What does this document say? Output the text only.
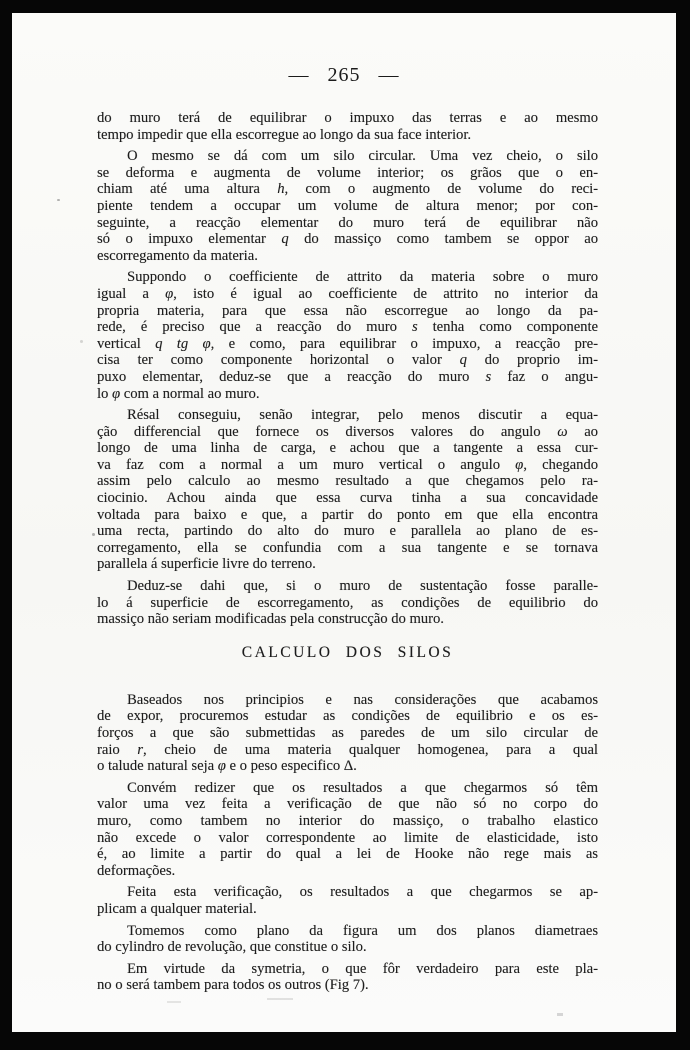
— 265 —
do muro terá de equilibrar o impuxo das terras e ao mesmo
tempo impedir que ella escorregue ao longo da sua face interior.
O mesmo se dá com um silo circular. Uma vez cheio, o silo
se deforma e augmenta de volume interior; os grãos que o en-
chiam até uma altura h, com o augmento de volume do reci-
piente tendem a occupar um volume de altura menor; por con-
seguinte, a reacção elementar do muro terá de equilibrar não
só o impuxo elementar q do massiço como tambem se oppor ao
escorregamento da materia.
Suppondo o coefficiente de attrito da materia sobre o muro
igual a φ, isto é igual ao coefficiente de attrito no interior da
propria materia, para que essa não escorregue ao longo da pa-
rede, é preciso que a reacção do muro s tenha como componente
vertical q tg φ, e como, para equilibrar o impuxo, a reacção pre-
cisa ter como componente horizontal o valor q do proprio im-
puxo elementar, deduz-se que a reacção do muro s faz o angu-
lo φ com a normal ao muro.
Résal conseguiu, senão integrar, pelo menos discutir a equa-
ção differencial que fornece os diversos valores do angulo ω ao
longo de uma linha de carga, e achou que a tangente a essa cur-
va faz com a normal a um muro vertical o angulo φ, chegando
assim pelo calculo ao mesmo resultado a que chegamos pelo ra-
ciocinio. Achou ainda que essa curva tinha a sua concavidade
voltada para baixo e que, a partir do ponto em que ella encontra
uma recta, partindo do alto do muro e parallela ao plano de es-
corregamento, ella se confundia com a sua tangente e se tornava
parallela á superficie livre do terreno.
Deduz-se dahi que, si o muro de sustentação fosse paralle-
lo á superficie de escorregamento, as condições de equilibrio do
massiço não seriam modificadas pela construcção do muro.
CALCULO DOS SILOS
Baseados nos principios e nas considerações que acabamos
de expor, procuremos estudar as condições de equilibrio e os es-
forços a que são submettidas as paredes de um silo circular de
raio r, cheio de uma materia qualquer homogenea, para a qual
o talude natural seja φ e o peso especifico Δ.
Convém redizer que os resultados a que chegarmos só têm
valor uma vez feita a verificação de que não só no corpo do
muro, como tambem no interior do massiço, o trabalho elastico
não excede o valor correspondente ao limite de elasticidade, isto
é, ao limite a partir do qual a lei de Hooke não rege mais as
deformações.
Feita esta verificação, os resultados a que chegarmos se ap-
plicam a qualquer material.
Tomemos como plano da figura um dos planos diametraes
do cylindro de revolução, que constitue o silo.
Em virtude da symetria, o que fôr verdadeiro para este pla-
no o será tambem para todos os outros (Fig 7).
